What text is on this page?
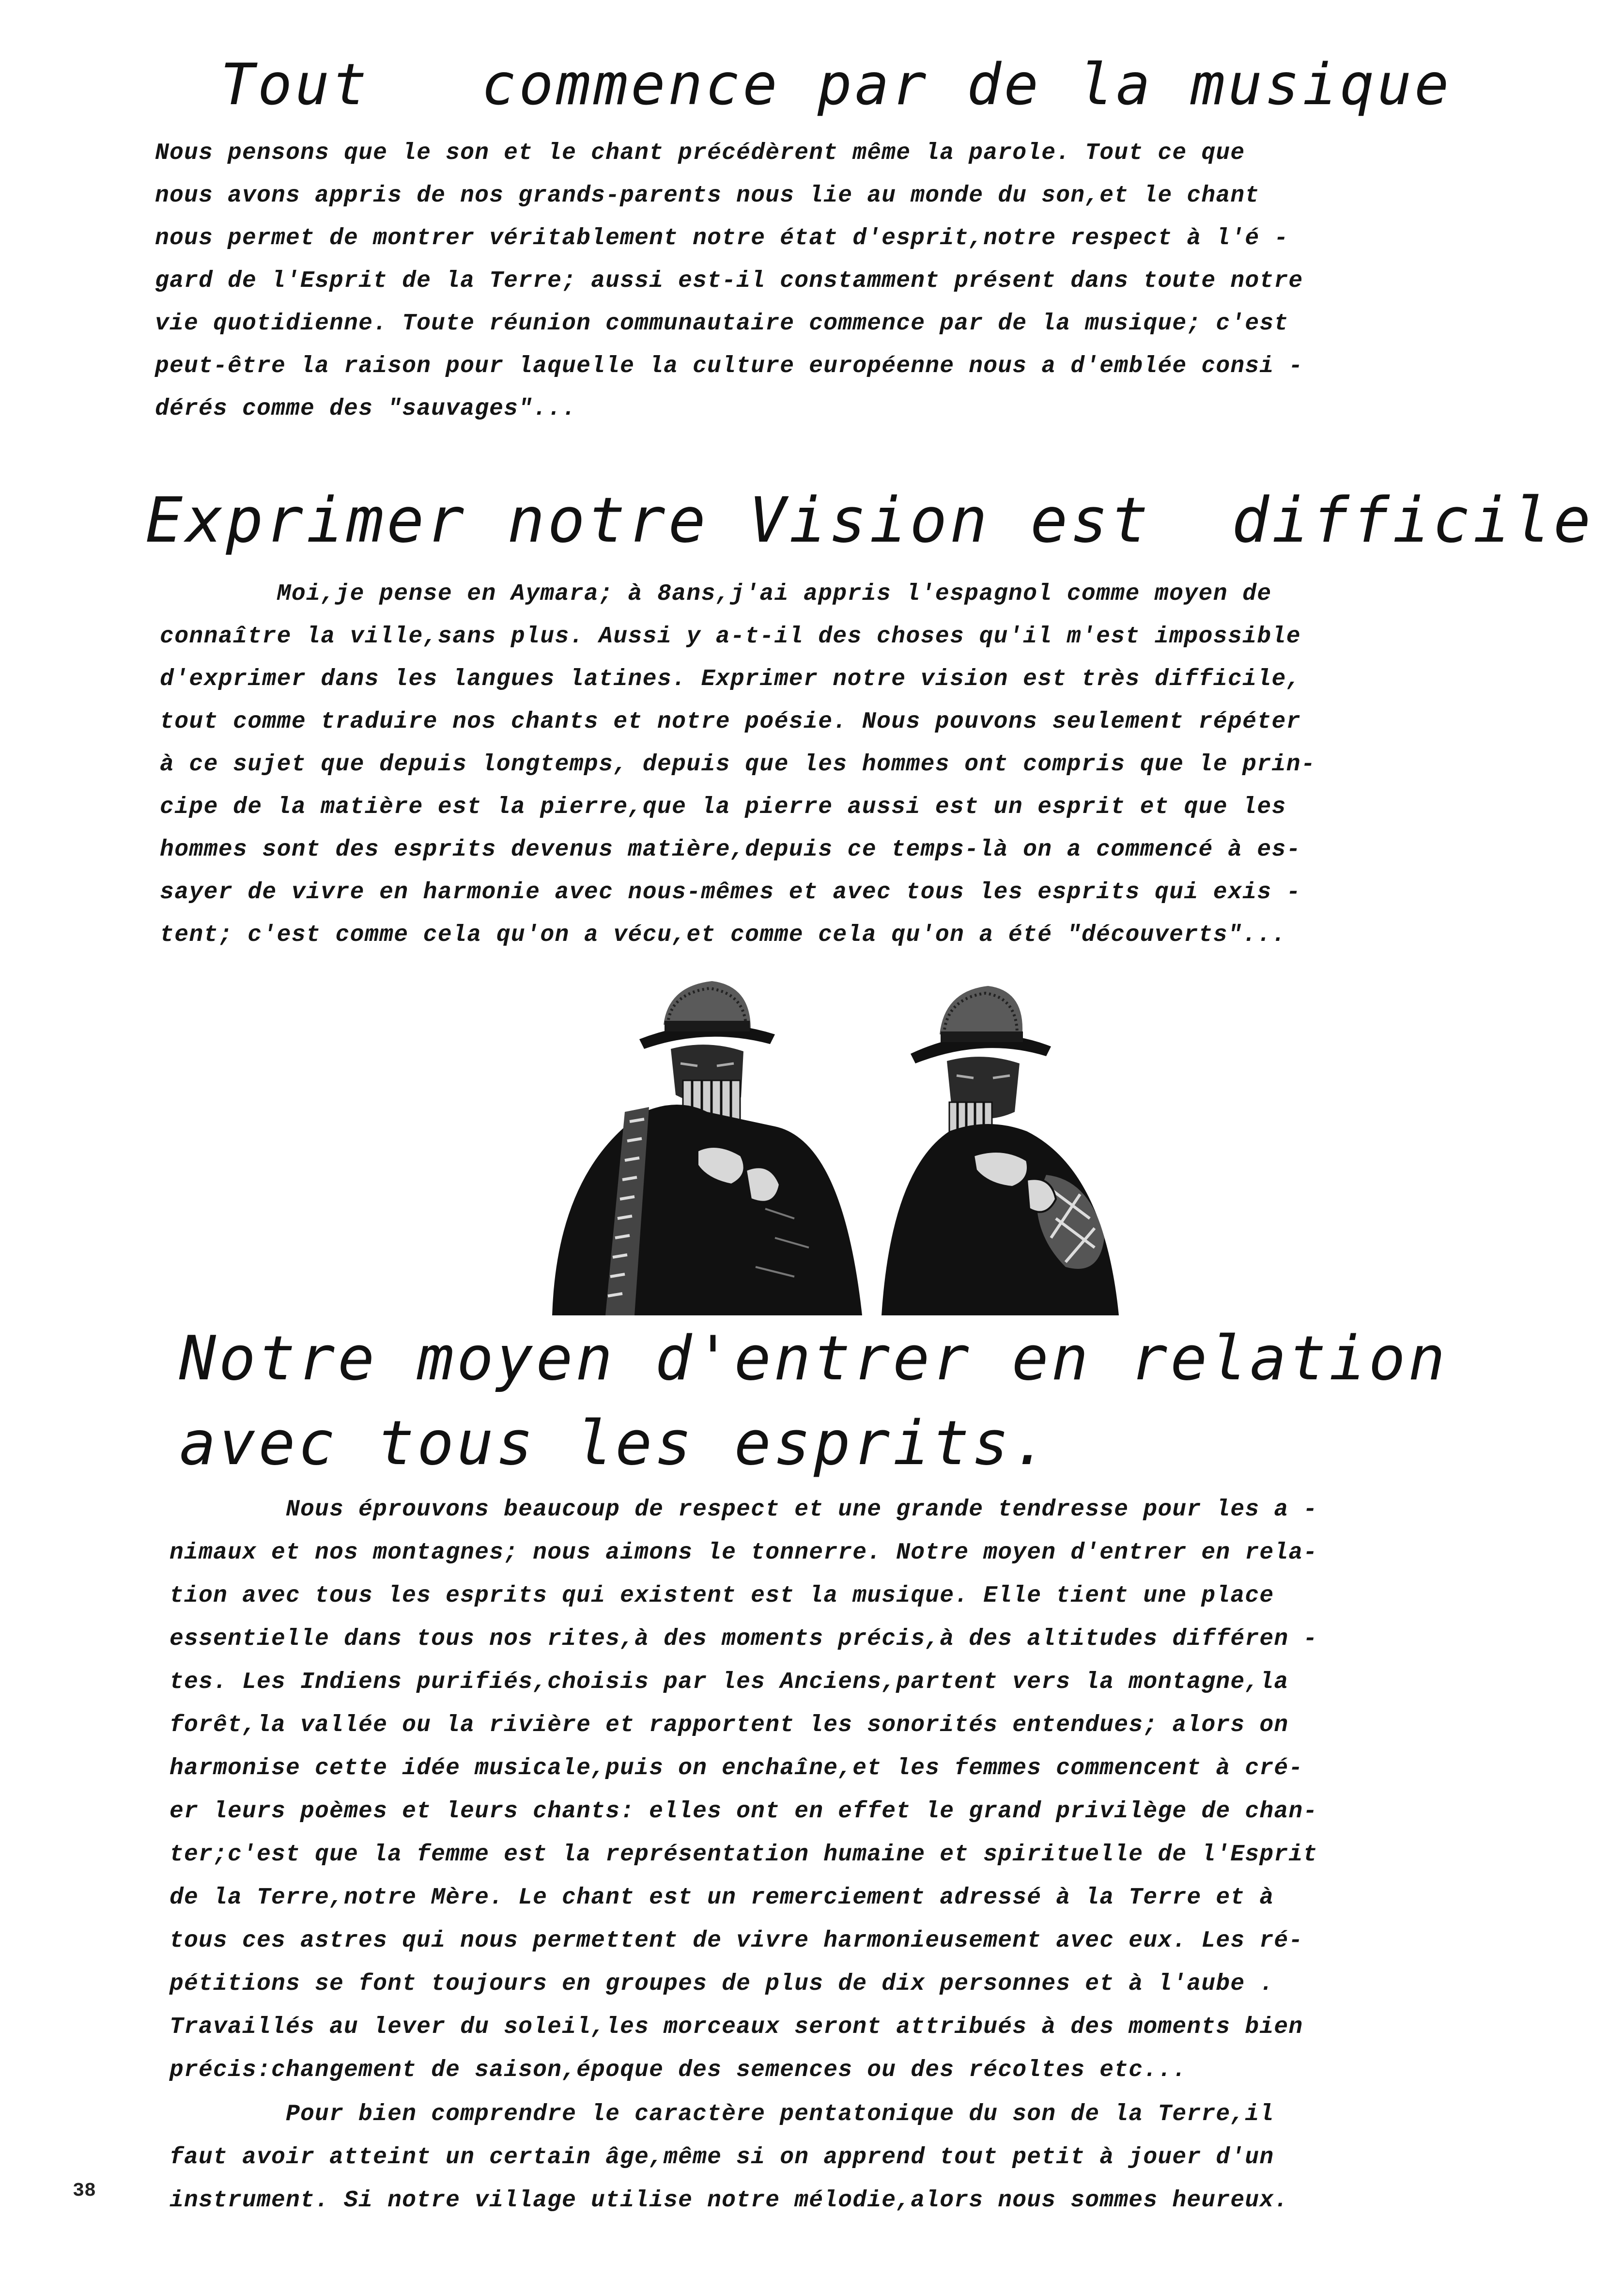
Tout   commence par de la musique
Nous pensons que le son et le chant précédèrent même la parole. Tout ce que
nous avons appris de nos grands-parents nous lie au monde du son,et le chant
nous permet de montrer véritablement notre état d'esprit,notre respect à l'é -
gard de l'Esprit de la Terre; aussi est-il constamment présent dans toute notre
vie quotidienne. Toute réunion communautaire commence par de la musique; c'est
peut-être la raison pour laquelle la culture européenne nous a d'emblée consi -
dérés comme des "sauvages"...
Exprimer notre Vision est  difficile
Moi,je pense en Aymara; à 8ans,j'ai appris l'espagnol comme moyen de
connaître la ville,sans plus. Aussi y a-t-il des choses qu'il m'est impossible
d'exprimer dans les langues latines. Exprimer notre vision est très difficile,
tout comme traduire nos chants et notre poésie. Nous pouvons seulement répéter
à ce sujet que depuis longtemps, depuis que les hommes ont compris que le prin-
cipe de la matière est la pierre,que la pierre aussi est un esprit et que les
hommes sont des esprits devenus matière,depuis ce temps-là on a commencé à es-
sayer de vivre en harmonie avec nous-mêmes et avec tous les esprits qui exis -
tent; c'est comme cela qu'on a vécu,et comme cela qu'on a été "découverts"...
Notre moyen d'entrer en relation
avec tous les esprits.
Nous éprouvons beaucoup de respect et une grande tendresse pour les a -
nimaux et nos montagnes; nous aimons le tonnerre. Notre moyen d'entrer en rela-
tion avec tous les esprits qui existent est la musique. Elle tient une place
essentielle dans tous nos rites,à des moments précis,à des altitudes différen -
tes. Les Indiens purifiés,choisis par les Anciens,partent vers la montagne,la
forêt,la vallée ou la rivière et rapportent les sonorités entendues; alors on
harmonise cette idée musicale,puis on enchaîne,et les femmes commencent à cré-
er leurs poèmes et leurs chants: elles ont en effet le grand privilège de chan-
ter;c'est que la femme est la représentation humaine et spirituelle de l'Esprit
de la Terre,notre Mère. Le chant est un remerciement adressé à la Terre et à
tous ces astres qui nous permettent de vivre harmonieusement avec eux. Les ré-
pétitions se font toujours en groupes de plus de dix personnes et à l'aube .
Travaillés au lever du soleil,les morceaux seront attribués à des moments bien
précis:changement de saison,époque des semences ou des récoltes etc...
Pour bien comprendre le caractère pentatonique du son de la Terre,il
faut avoir atteint un certain âge,même si on apprend tout petit à jouer d'un
instrument. Si notre village utilise notre mélodie,alors nous sommes heureux.
38
